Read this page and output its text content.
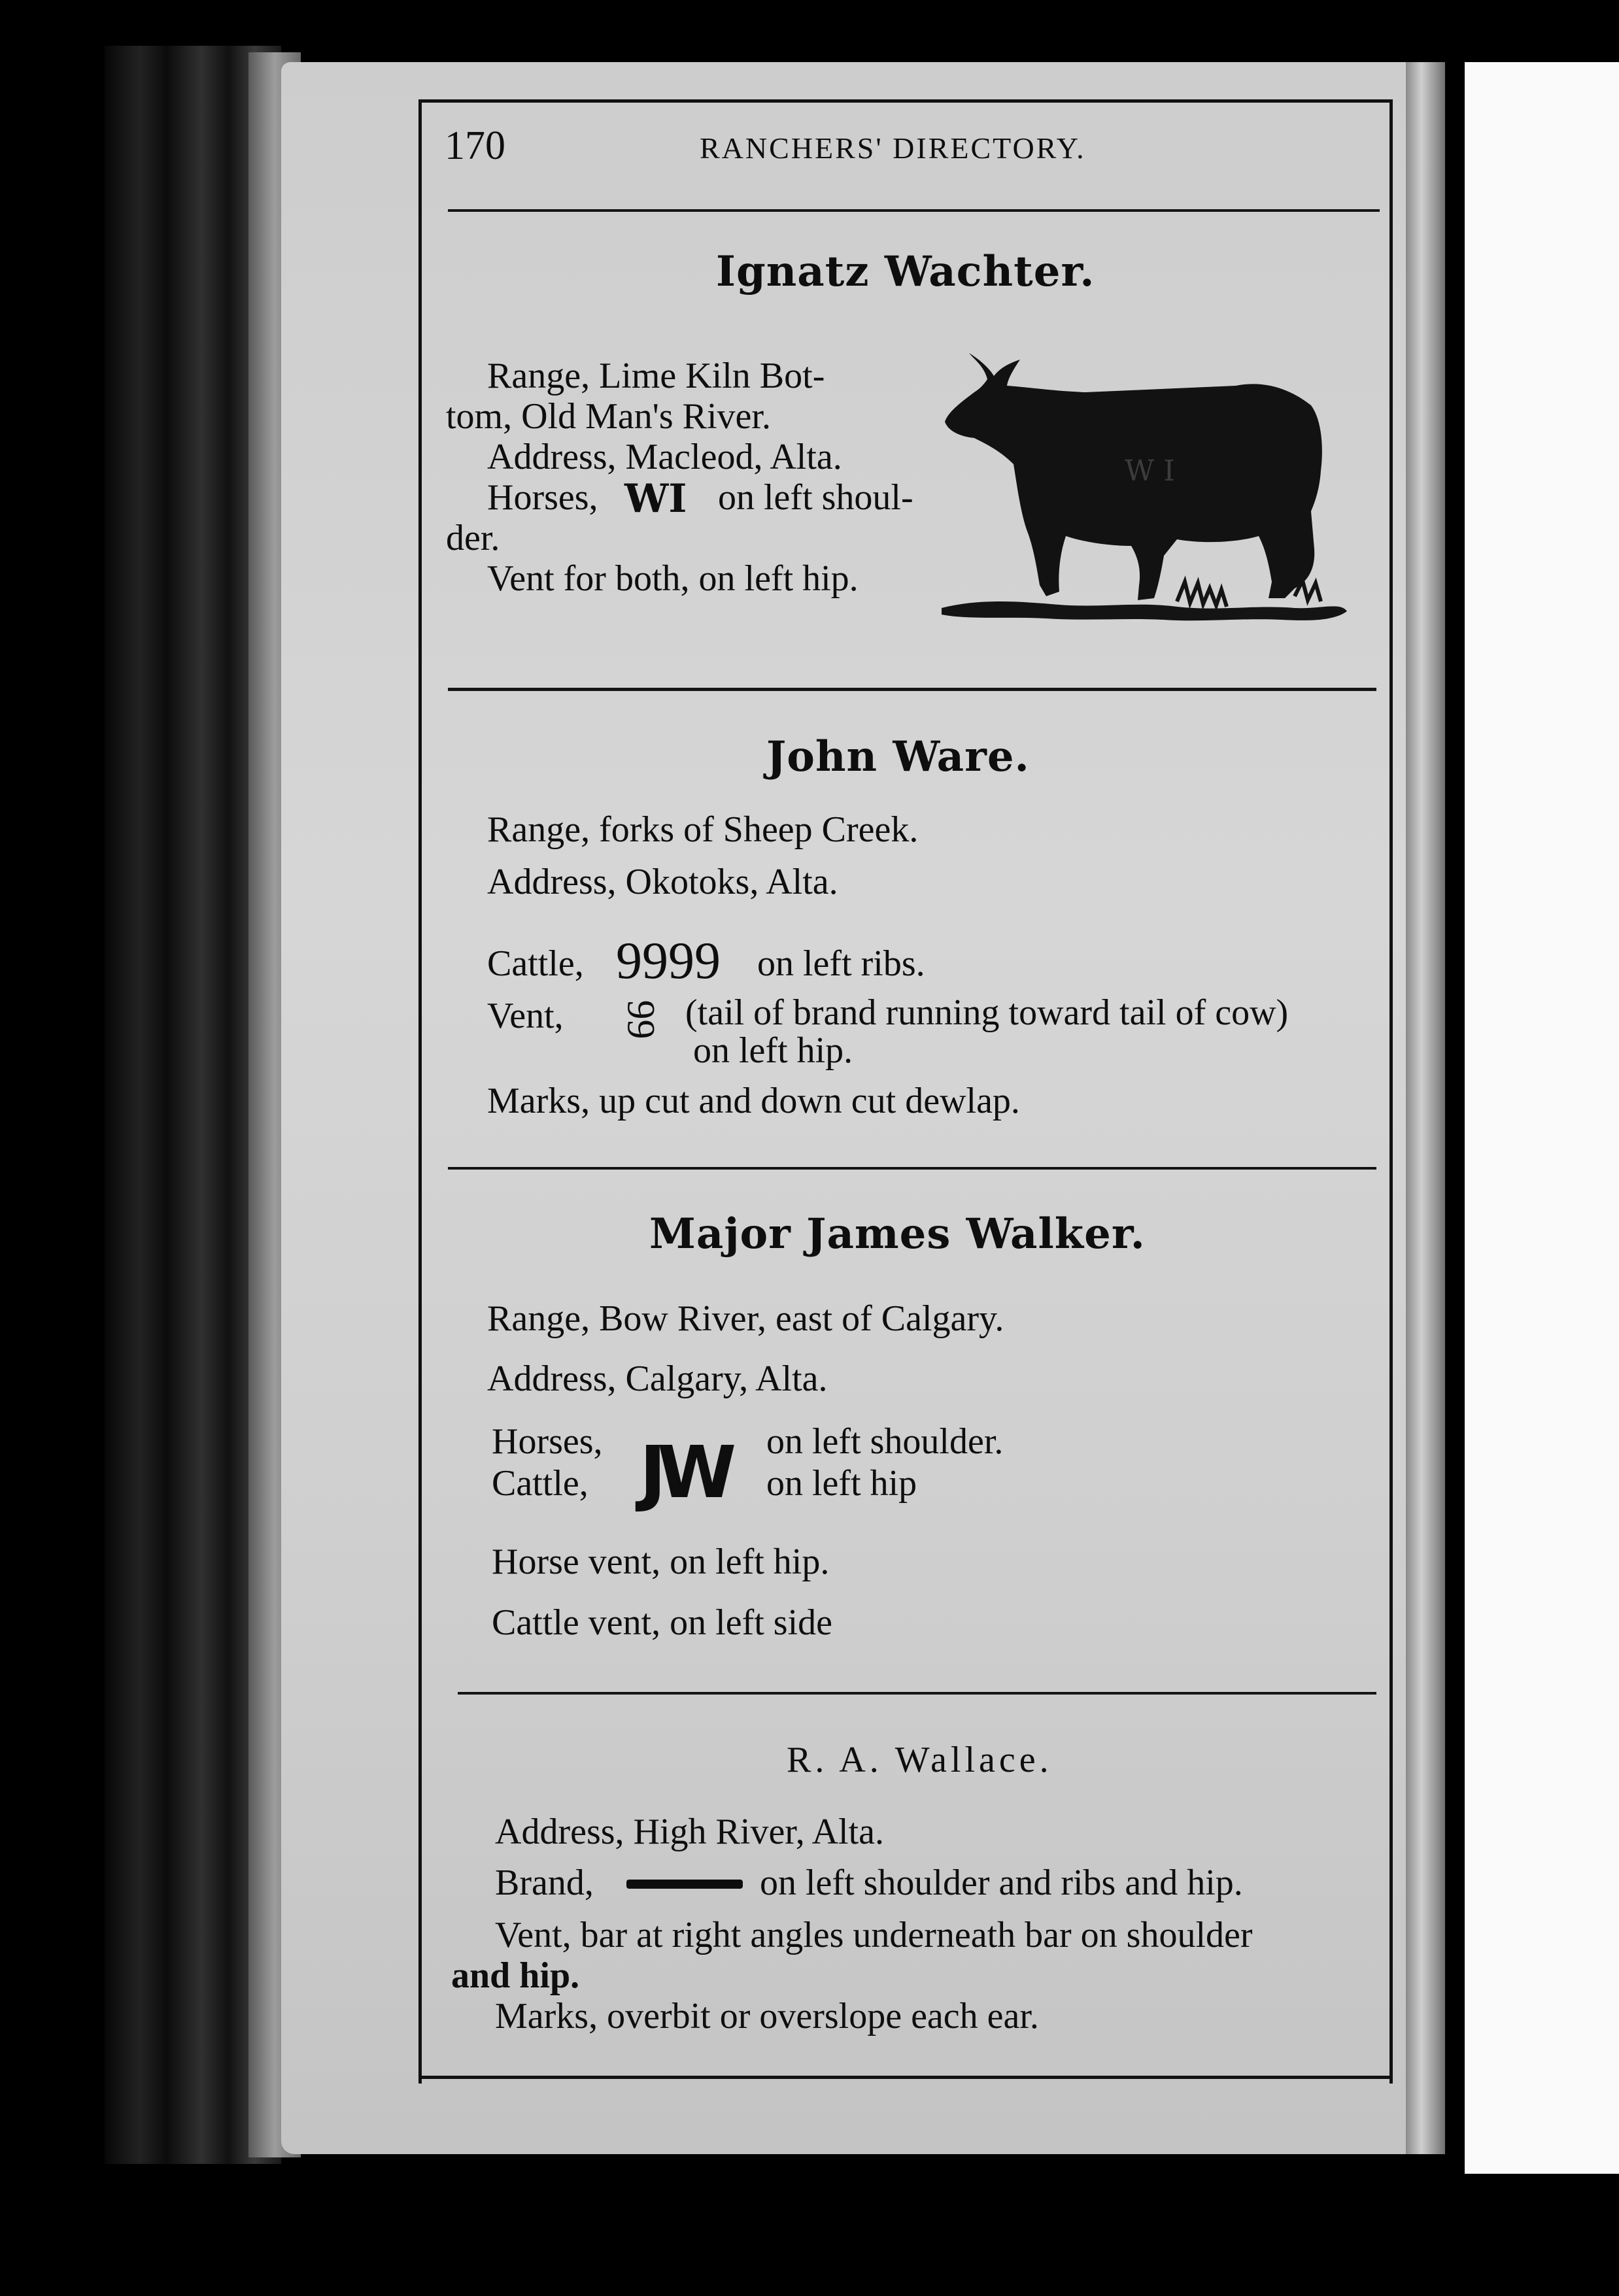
170	RANCHERS' DIRECTORY.
Ignatz Wachter.
Range, Lime Kiln Bot-
tom, Old Man's River.
Address, Macleod, Alta.
Horses, WI on left shoul-
der.
Vent for both, on left hip.
W I
John Ware.
Range, forks of Sheep Creek.
Address, Okotoks, Alta.
Cattle, 9999 on left ribs.
Vent, 99 (tail of brand running toward tail of cow)
on left hip.
Marks, up cut and down cut dewlap.
Major James Walker.
Range, Bow River, east of Calgary.
Address, Calgary, Alta.
Horses,
Cattle, JW on left shoulder.
on left hip
Horse vent, on left hip.
Cattle vent, on left side
R. A. Wallace.
Address, High River, Alta.
Brand,	on left shoulder and ribs and hip.
Vent, bar at right angles underneath bar on shoulder
and hip.
Marks, overbit or overslope each ear.
